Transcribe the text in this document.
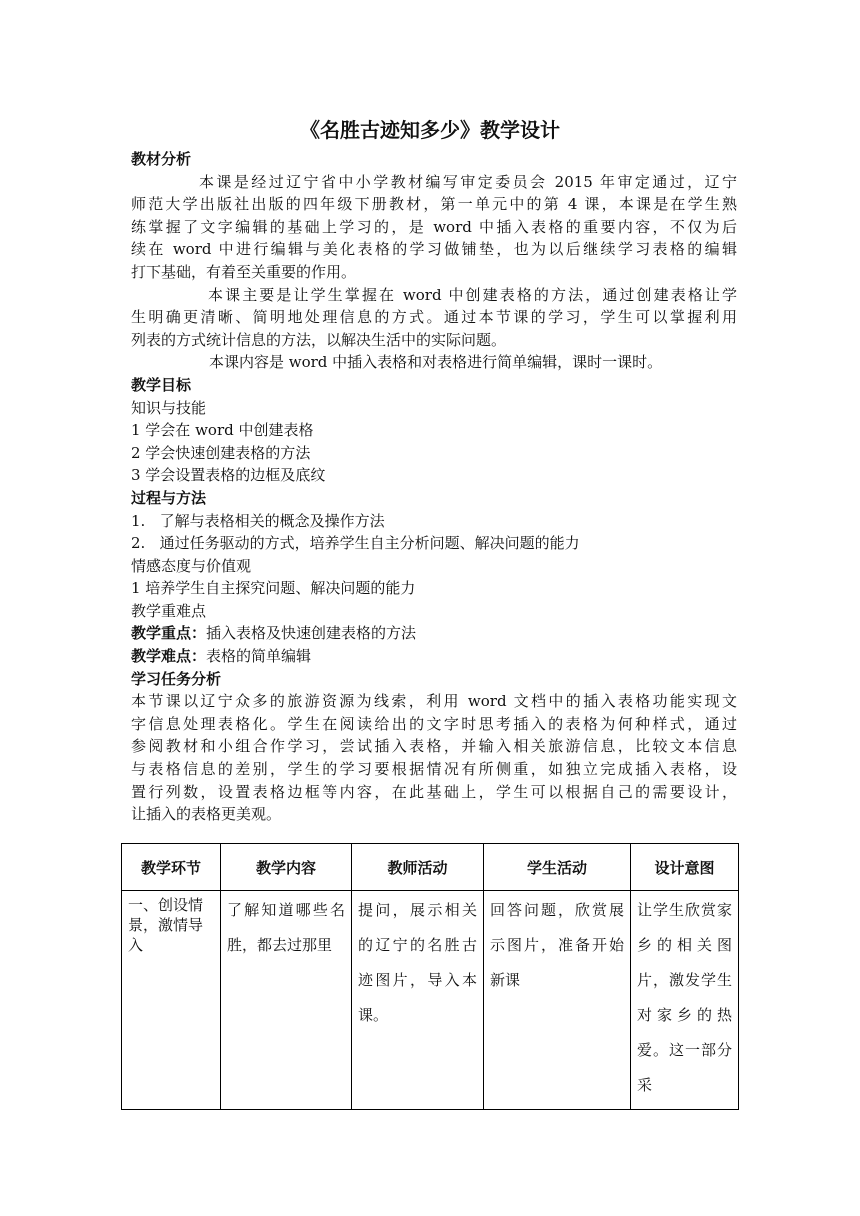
《名胜古迹知多少》教学设计
教材分析
本课是经过辽宁省中小学教材编写审定委员会 2015 年审定通过，辽宁
师范大学出版社出版的四年级下册教材，第一单元中的第 4 课，本课是在学生熟
练掌握了文字编辑的基础上学习的，是 word 中插入表格的重要内容，不仅为后
续在 word 中进行编辑与美化表格的学习做铺垫，也为以后继续学习表格的编辑
打下基础，有着至关重要的作用。
本课主要是让学生掌握在 word 中创建表格的方法，通过创建表格让学
生明确更清晰、简明地处理信息的方式。通过本节课的学习，学生可以掌握利用
列表的方式统计信息的方法，以解决生活中的实际问题。
本课内容是 word 中插入表格和对表格进行简单编辑，课时一课时。
教学目标
知识与技能
1 学会在 word 中创建表格
2 学会快速创建表格的方法
3 学会设置表格的边框及底纹
过程与方法
1.   了解与表格相关的概念及操作方法
2.   通过任务驱动的方式，培养学生自主分析问题、解决问题的能力
情感态度与价值观
1 培养学生自主探究问题、解决问题的能力
教学重难点
教学重点：插入表格及快速创建表格的方法
教学难点：表格的简单编辑
学习任务分析
本节课以辽宁众多的旅游资源为线索，利用 word 文档中的插入表格功能实现文
字信息处理表格化。学生在阅读给出的文字时思考插入的表格为何种样式，通过
参阅教材和小组合作学习，尝试插入表格，并输入相关旅游信息，比较文本信息
与表格信息的差别，学生的学习要根据情况有所侧重，如独立完成插入表格，设
置行列数，设置表格边框等内容，在此基础上，学生可以根据自己的需要设计，
让插入的表格更美观。
教学环节	教学内容	教师活动	学生活动	设计意图
一、创设情景，激情导入	了解知道哪些名胜，都去过那里	提问，展示相关的辽宁的名胜古迹图片，导入本课。	回答问题，欣赏展示图片，准备开始新课	让学生欣赏家乡的相关图片，激发学生对家乡的热爱。这一部分采
